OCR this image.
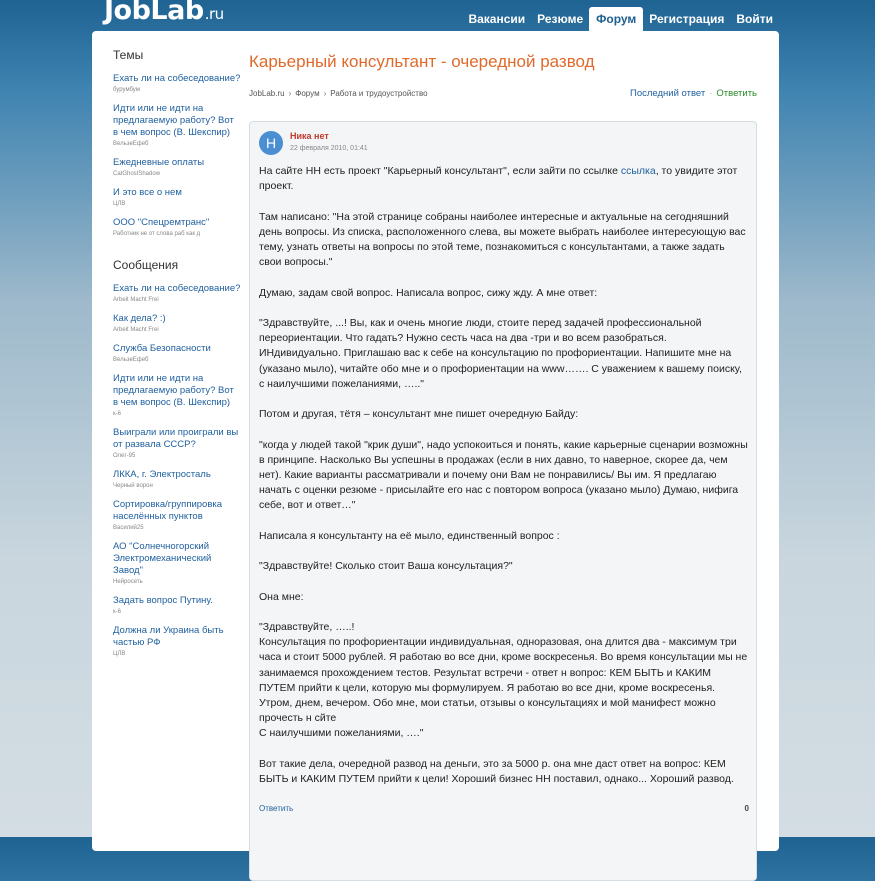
JobLab.ru	Вакансии	Резюме	Форум	Регистрация	Войти
Темы
Ехать ли на собеседование?
бурумбум
Идти или не идти на предлагаемую работу? Вот в чем вопрос (В. Шекспир)
ВельзеЕфеб
Ежедневные оплаты
CatGhostShadow
И это все о нем
ЦЛВ
ООО "Спецремтранс"
Работник не от слова раб как д
Сообщения
Ехать ли на собеседование?
Arbeit Macht Frei
Как дела? :)
Arbeit Macht Frei
Служба Безопасности
ВельзеЕфеб
Идти или не идти на предлагаемую работу? Вот в чем вопрос (В. Шекспир)
к-6
Выиграли или проиграли вы от развала СССР?
Олег-95
ЛККА, г. Электросталь
Черный ворон
Сортировка/группировка населённых пунктов
Василий25
АО "Солнечногорский Электромеханический Завод"
Нейросеть
Задать вопрос Путину.
к-6
Должна ли Украина быть частью РФ
ЦЛВ
Карьерный консультант - очередной развод
JobLab.ru › Форум › Работа и трудоустройство	Последний ответ · Ответить
Н	Ника нет
22 февраля 2010, 01:41

На сайте НН есть проект "Карьерный консультант", если зайти по ссылке ссылка, то увидите этот проект.

Там написано: "На этой странице собраны наиболее интересные и актуальные на сегодняшний день вопросы. Из списка, расположенного слева, вы можете выбрать наиболее интересующую вас тему, узнать ответы на вопросы по этой теме, познакомиться с консультантами, а также задать свои вопросы."

Думаю, задам свой вопрос. Написала вопрос, сижу жду. А мне ответ:

"Здравствуйте, ...! Вы, как и очень многие люди, стоите перед задачей профессиональной переориентации. Что гадать? Нужно сесть часа на два -три и во всем разобраться. ИНдивидуально. Приглашаю вас к себе на консультацию по профориентации. Напишите мне на (указано мыло), читайте обо мне и о профориентации на www……. С уважением к вашему поиску, с наилучшими пожеланиями, ….."

Потом и другая, тётя – консультант мне пишет очередную Байду:

"когда у людей такой "крик души", надо успокоиться и понять, какие карьерные сценарии возможны в принципе. Насколько Вы успешны в продажах (если в них давно, то наверное, скорее да, чем нет). Какие варианты рассматривали и почему они Вам не понравились/ Вы им. Я предлагаю начать с оценки резюме - присылайте его нас с повтором вопроса (указано мыло) Думаю, нифига себе, вот и ответ…"

Написала я консультанту на её мыло, единственный вопрос :

"Здравствуйте! Сколько стоит Ваша консультация?"

Она мне:

"Здравствуйте, …..!

Консультация по профориентации индивидуальная, одноразовая, она длится два - максимум три часа и стоит 5000 рублей. Я работаю во все дни, кроме воскресенья. Во время консультации мы не занимаемся прохождением тестов. Результат встречи - ответ н вопрос: КЕМ БЫТЬ и КАКИМ ПУТЕМ прийти к цели, которую мы формулируем. Я работаю во все дни, кроме воскресенья. Утром, днем, вечером. Обо мне, мои статьи, отзывы о консультациях и мой манифест можно прочесть н сйте

С наилучшими пожеланиями, …."

Вот такие дела, очередной развод на деньги, это за 5000 р. она мне даст ответ на вопрос: КЕМ БЫТЬ и КАКИМ ПУТЕМ прийти к цели! Хороший бизнес НН поставил, однако... Хороший развод.

Ответить	0
